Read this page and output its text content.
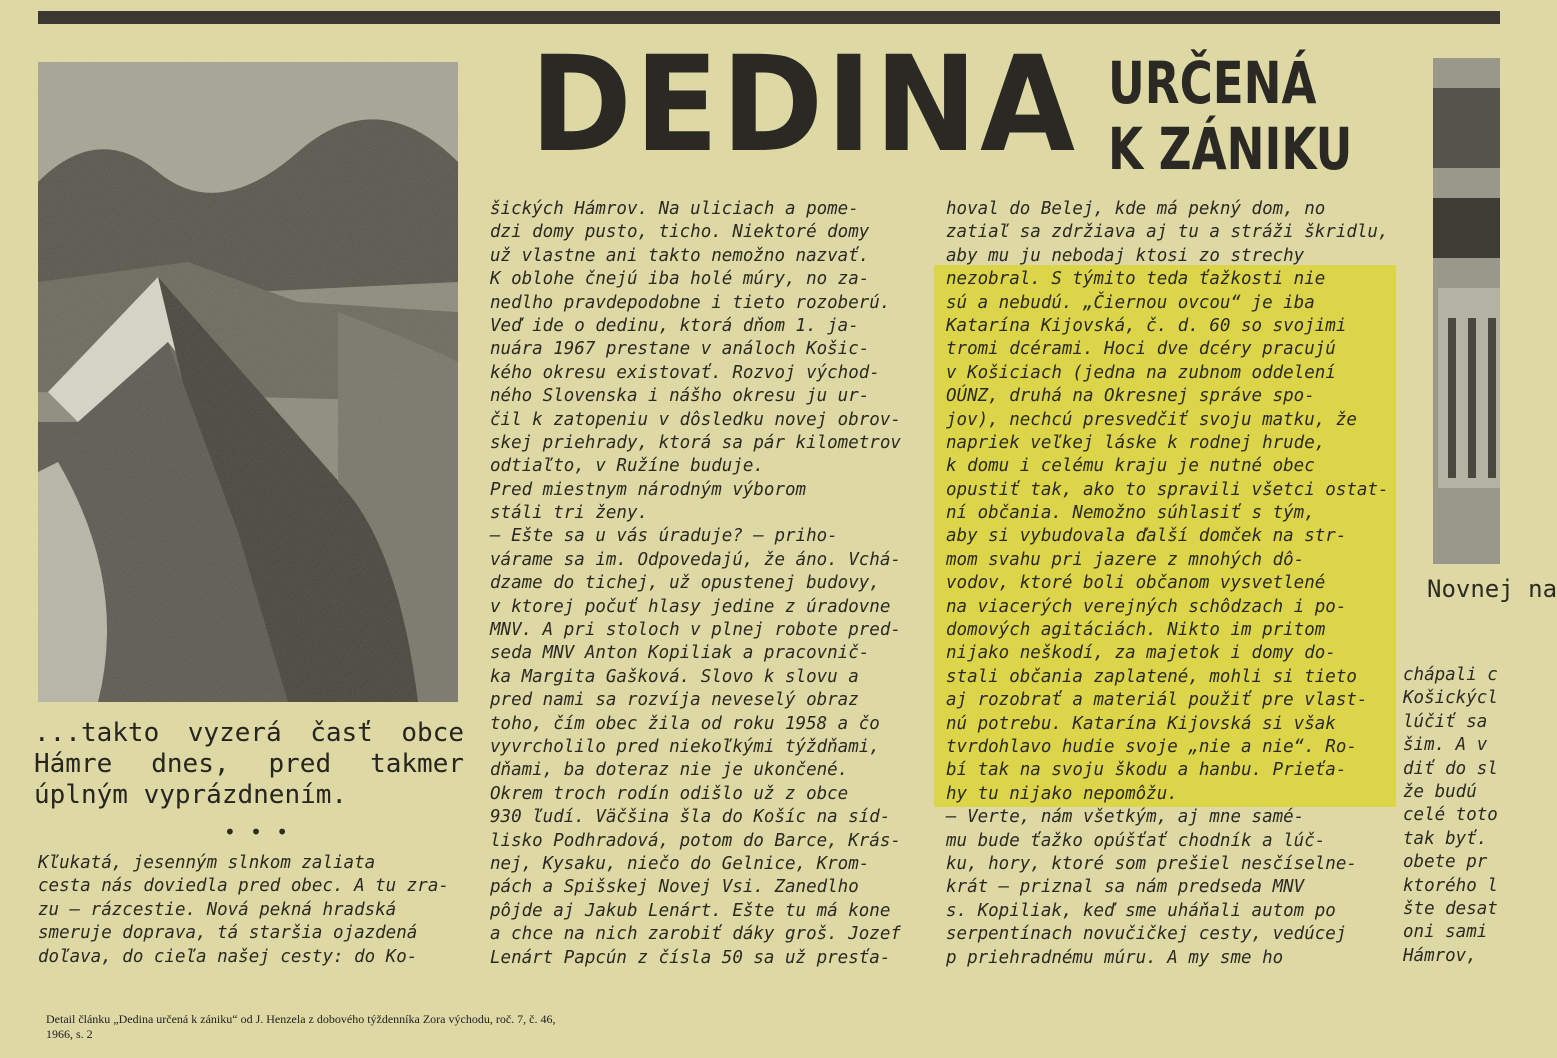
...takto vyzerá časť obce Hámre dnes, pred takmer úplným vyprázdnením.
• • •
DEDINA URČENÁ
K ZÁNIKU
Kľukatá, jesenným slnkom zaliata
cesta nás doviedla pred obec. A tu zra-
zu — rázcestie. Nová pekná hradská
smeruje doprava, tá staršia ojazdená
doľava, do cieľa našej cesty: do Ko-
šických Hámrov. Na uliciach a pome-
dzi domy pusto, ticho. Niektoré domy
už vlastne ani takto nemožno nazvať.
K oblohe čnejú iba holé múry, no za-
nedlho pravdepodobne i tieto rozoberú.
Veď ide o dedinu, ktorá dňom 1. ja-
nuára 1967 prestane v análoch Košic-
kého okresu existovať. Rozvoj východ-
ného Slovenska i nášho okresu ju ur-
čil k zatopeniu v dôsledku novej obrov-
skej priehrady, ktorá sa pár kilometrov
odtiaľto, v Ružíne buduje.
Pred miestnym národným výborom
stáli tri ženy.
— Ešte sa u vás úraduje? — priho-
várame sa im. Odpovedajú, že áno. Vchá-
dzame do tichej, už opustenej budovy,
v ktorej počuť hlasy jedine z úradovne
MNV. A pri stoloch v plnej robote pred-
seda MNV Anton Kopiliak a pracovnič-
ka Margita Gašková. Slovo k slovu a
pred nami sa rozvíja neveselý obraz
toho, čím obec žila od roku 1958 a čo
vyvrcholilo pred niekoľkými týždňami,
dňami, ba doteraz nie je ukončené.
Okrem troch rodín odišlo už z obce
930 ľudí. Väčšina šla do Košíc na síd-
lisko Podhradová, potom do Barce, Krás-
nej, Kysaku, niečo do Gelnice, Krom-
pách a Spišskej Novej Vsi. Zanedlho
pôjde aj Jakub Lenárt. Ešte tu má kone
a chce na nich zarobiť dáky groš. Jozef
Lenárt Papcún z čísla 50 sa už presťa-
hoval do Belej, kde má pekný dom, no
zatiaľ sa zdržiava aj tu a stráži škridlu,
aby mu ju nebodaj ktosi zo strechy
nezobral. S týmito teda ťažkosti nie
sú a nebudú. „Čiernou ovcou“ je iba
Katarína Kijovská, č. d. 60 so svojimi
tromi dcérami. Hoci dve dcéry pracujú
v Košiciach (jedna na zubnom oddelení
OÚNZ, druhá na Okresnej správe spo-
jov), nechcú presvedčiť svoju matku, že
napriek veľkej láske k rodnej hrude,
k domu i celému kraju je nutné obec
opustiť tak, ako to spravili všetci ostat-
ní občania. Nemožno súhlasiť s tým,
aby si vybudovala ďalší domček na str-
mom svahu pri jazere z mnohých dô-
vodov, ktoré boli občanom vysvetlené
na viacerých verejných schôdzach i po-
domových agitáciách. Nikto im pritom
nijako neškodí, za majetok i domy do-
stali občania zaplatené, mohli si tieto
aj rozobrať a materiál použiť pre vlast-
nú potrebu. Katarína Kijovská si však
tvrdohlavo hudie svoje „nie a nie“. Ro-
bí tak na svoju škodu a hanbu. Prieťa-
hy tu nijako nepomôžu.
— Verte, nám všetkým, aj mne samé-
mu bude ťažko opúšťať chodník a lúč-
ku, hory, ktoré som prešiel nesčíselne-
krát — priznal sa nám predseda MNV
s. Kopiliak, keď sme uháňali autom po
serpentínach novučičkej cesty, vedúcej
p priehradnému múru. A my sme ho
chápali c
Košickýcl
lúčiť sa
šim. A v
diť do sl
že budú
celé toto
tak byť.
obete pr
ktorého l
šte desat
oni sami
Hámrov,
Novnej na
Detail článku „Dedina určená k zániku“ od J. Henzela z dobového týždenníka Zora východu, roč. 7, č. 46, 1966, s. 2
